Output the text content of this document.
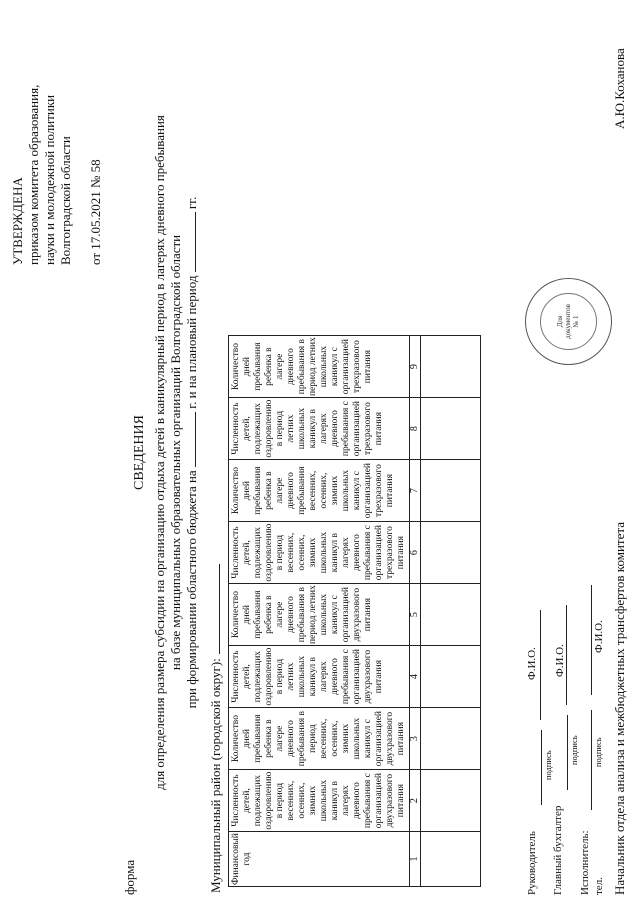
УТВЕРЖДЕНА приказом комитета образования, науки и молодежной политики Волгоградской области от 17.05.2021 № 58
форма
СВЕДЕНИЯ для определения размера субсидии на организацию отдыха детей в каникулярный период в лагерях дневного пребывания на базе муниципальных образовательных организаций Волгоградской области при формировании областного бюджета на  г. и на плановый период  гг.
Муниципальный район (городской округ): Финансовый год	Численность детей, подлежащих оздоровлению в период весенних, осенних, зимних школьных каникул в лагерях дневного пребывания с организацией двухразового питания	Количество дней пребывания ребенка в лагере дневного пребывания в период весенних, осенних, зимних школьных каникул с организацией двухразового питания	Численность детей, подлежащих оздоровлению в период летних школьных каникул в лагерях дневного пребывания с организацией двухразового питания	Количество дней пребывания ребенка в лагере дневного пребывания в период летних школьных каникул с организацией двухразового питания	Численность детей, подлежащих оздоровлению в период весенних, осенних, зимних школьных каникул в лагерях дневного пребывания с организацией трехразового питания	Количество дней пребывания ребенка в лагере дневного пребывания весенних, осенних, зимних школьных каникул с организацией трехразового питания	Численность детей, подлежащих оздоровлению в период летних школьных каникул в лагерях дневного пребывания с организацией трехразового питания	Количество дней пребывания ребенка в лагере дневного пребывания в период летних школьных каникул с организацией трехразового питания
1	2	3	4	5	6	7	8	9

Руководитель
подпись
Ф.И.О.
Главный бухгалтер
подпись
Ф.И.О.
Исполнитель:
подпись
Ф.И.О.
тел.
Для документов № 1
Начальник отдела анализа и межбюджетных трансфертов комитета
А.Ю.Коханова
